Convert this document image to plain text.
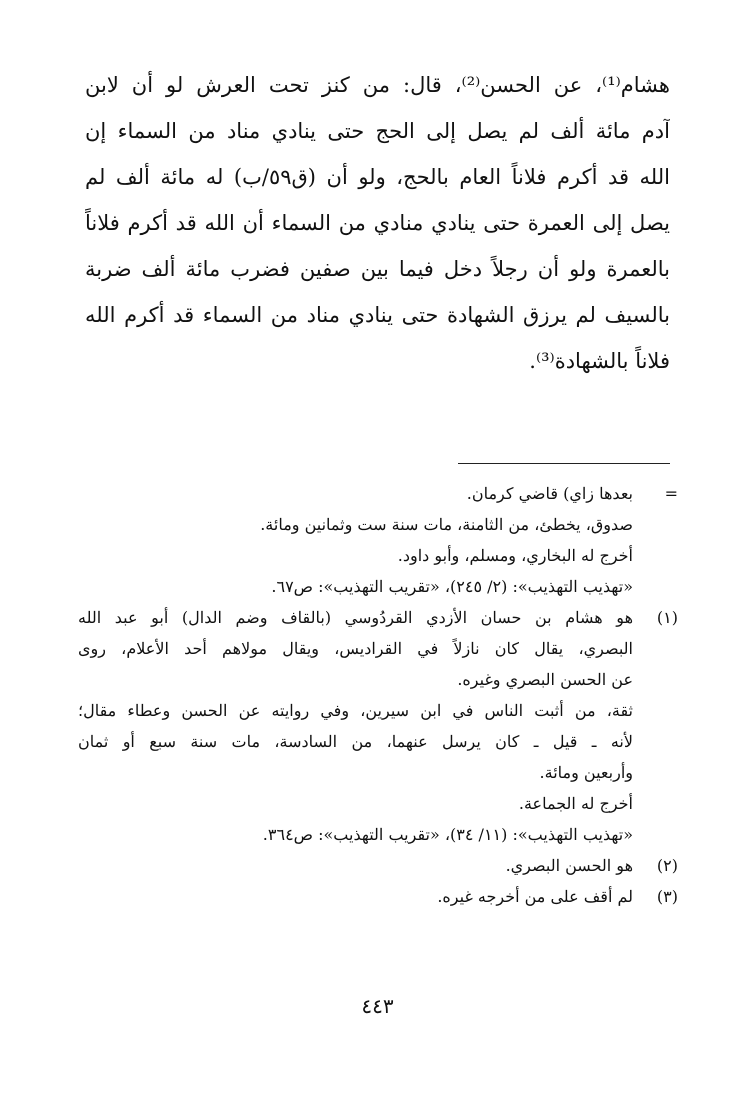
هشام⁽¹⁾، عن الحسن⁽²⁾، قال: من كنز تحت العرش لو أن لابن
آدم مائة ألف لم يصل إلى الحج حتى ينادي مناد من السماء إن
الله قد أكرم فلاناً العام بالحج، ولو أن (ق٥٩/ب) له مائة ألف لم
يصل إلى العمرة حتى ينادي منادي من السماء أن الله قد أكرم فلاناً
بالعمرة ولو أن رجلاً دخل فيما بين صفين فضرب مائة ألف ضربة
بالسيف لم يرزق الشهادة حتى ينادي مناد من السماء قد أكرم الله
فلاناً بالشهادة⁽³⁾.
=
بعدها زاي) قاضي كرمان.
صدوق، يخطئ، من الثامنة، مات سنة ست وثمانين ومائة.
أخرج له البخاري، ومسلم، وأبو داود.
«تهذيب التهذيب»: (٢/ ٢٤٥)، «تقريب التهذيب»: ص٦٧.
(١)
هو هشام بن حسان الأزدي القردُوسي (بالقاف وضم الدال) أبو عبد الله
البصري، يقال كان نازلاً في القراديس، ويقال مولاهم أحد الأعلام، روى
عن الحسن البصري وغيره.
ثقة، من أثبت الناس في ابن سيرين، وفي روايته عن الحسن وعطاء مقال؛
لأنه ـ قيل ـ كان يرسل عنهما، من السادسة، مات سنة سبع أو ثمان
وأربعين ومائة.
أخرج له الجماعة.
«تهذيب التهذيب»: (١١/ ٣٤)، «تقريب التهذيب»: ص٣٦٤.
(٢)
هو الحسن البصري.
(٣)
لم أقف على من أخرجه غيره.
٤٤٣
